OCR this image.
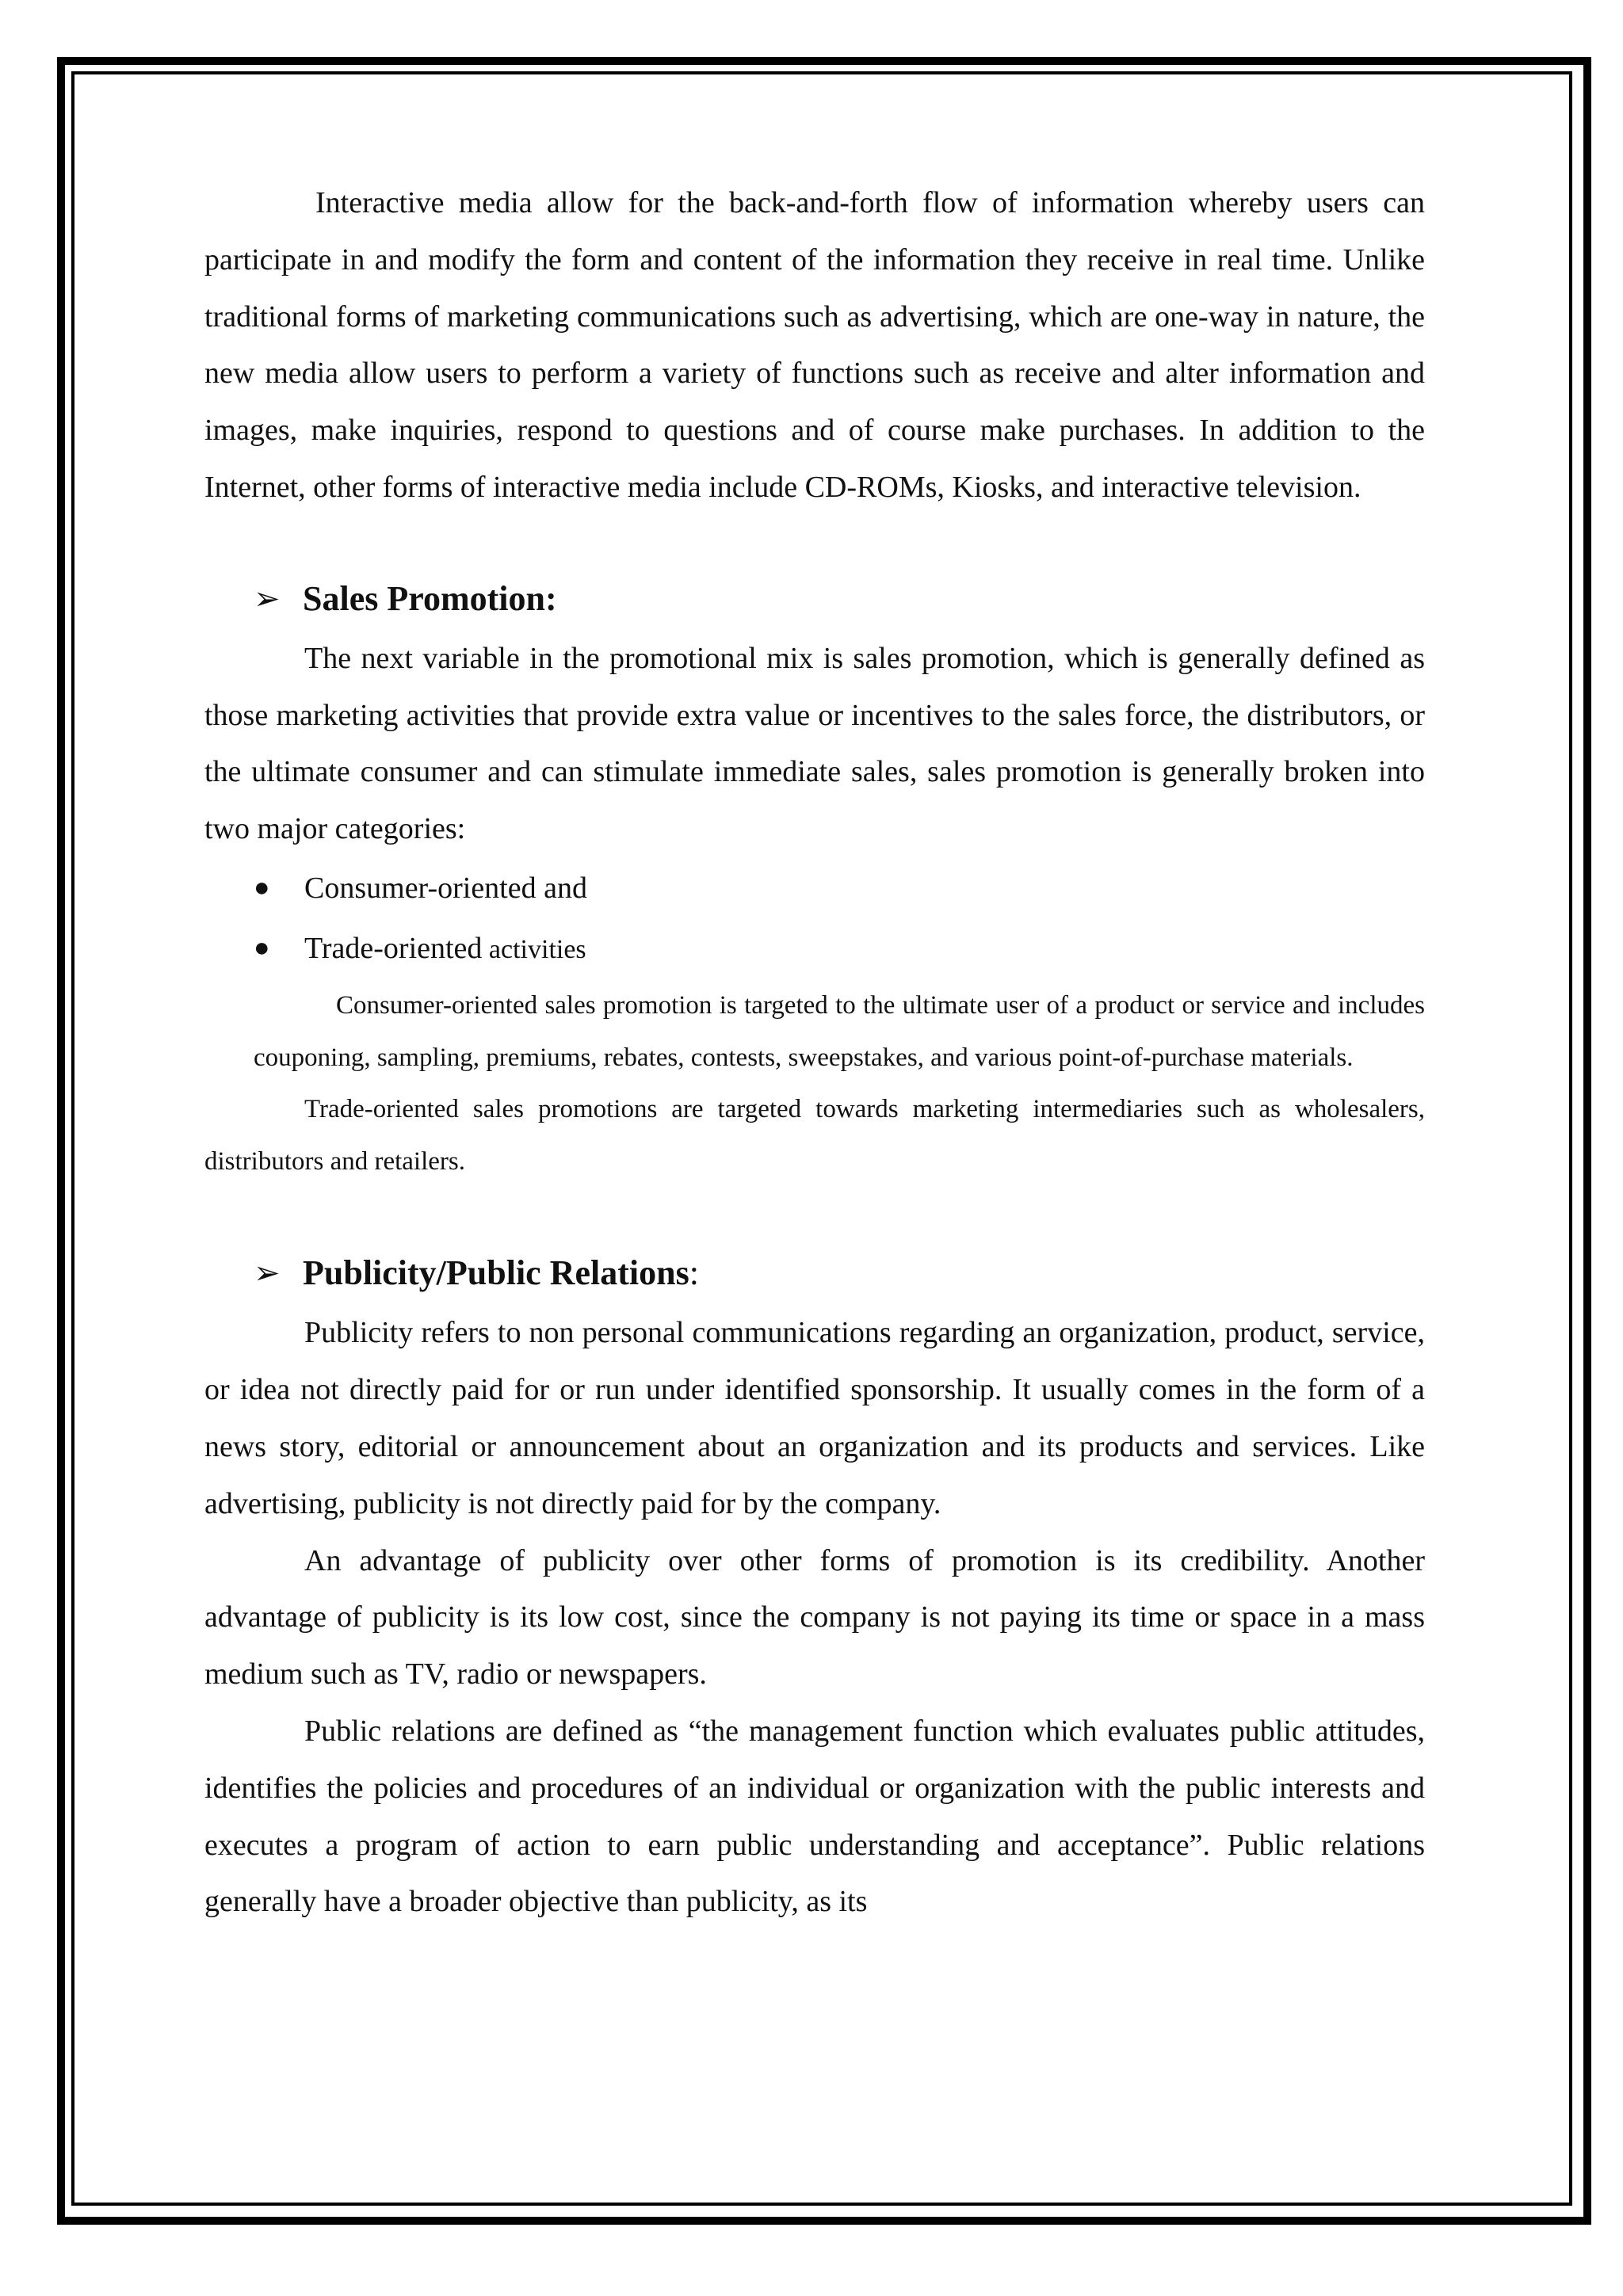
Interactive media allow for the back-and-forth flow of information whereby users can participate in and modify the form and content of the information they receive in real time. Unlike traditional forms of marketing communications such as advertising, which are one-way in nature, the new media allow users to perform a variety of functions such as receive and alter information and images, make inquiries, respond to questions and of course make purchases. In addition to the Internet, other forms of interactive media include CD-ROMs, Kiosks, and interactive television.

➢ Sales Promotion:

The next variable in the promotional mix is sales promotion, which is generally defined as those marketing activities that provide extra value or incentives to the sales force, the distributors, or the ultimate consumer and can stimulate immediate sales, sales promotion is generally broken into two major categories:

●	Consumer-oriented and
●	Trade-oriented activities

Consumer-oriented sales promotion is targeted to the ultimate user of a product or service and includes couponing, sampling, premiums, rebates, contests, sweepstakes, and various point-of-purchase materials.

Trade-oriented sales promotions are targeted towards marketing intermediaries such as wholesalers, distributors and retailers.

➢ Publicity/Public Relations:

Publicity refers to non personal communications regarding an organization, product, service, or idea not directly paid for or run under identified sponsorship. It usually comes in the form of a news story, editorial or announcement about an organization and its products and services. Like advertising, publicity is not directly paid for by the company.

An advantage of publicity over other forms of promotion is its credibility. Another advantage of publicity is its low cost, since the company is not paying its time or space in a mass medium such as TV, radio or newspapers.

Public relations are defined as “the management function which evaluates public attitudes, identifies the policies and procedures of an individual or organization with the public interests and executes a program of action to earn public understanding and acceptance”. Public relations generally have a broader objective than publicity, as its
